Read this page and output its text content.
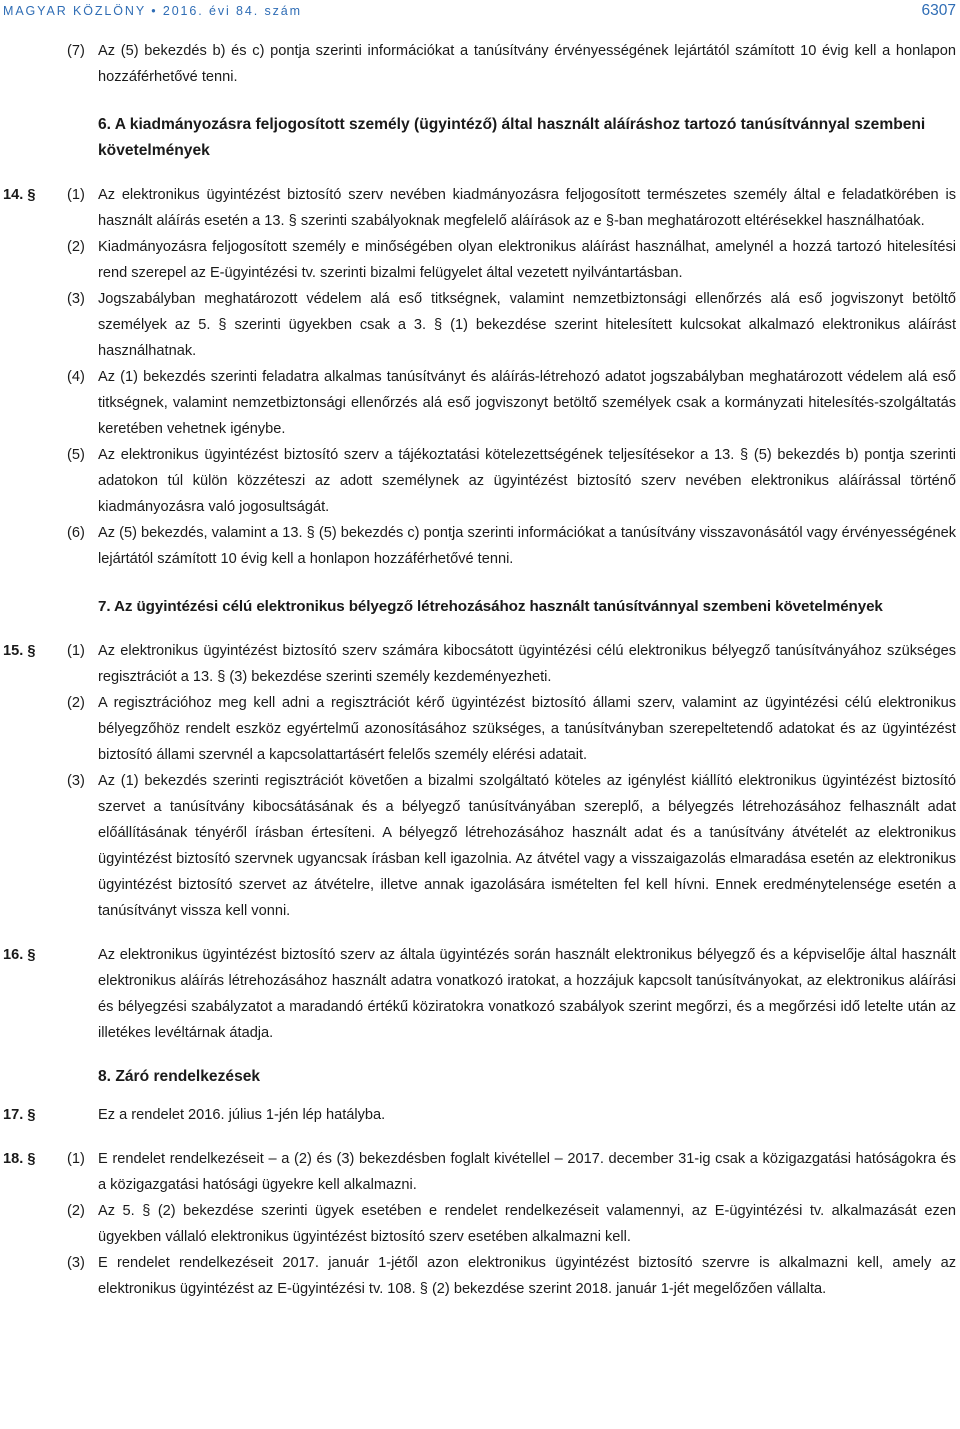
MAGYAR KÖZLÖNY • 2016. évi 84. szám	6307
(7) Az (5) bekezdés b) és c) pontja szerinti információkat a tanúsítvány érvényességének lejártától számított 10 évig kell a honlapon hozzáférhetővé tenni.
6. A kiadmányozásra feljogosított személy (ügyintéző) által használt aláíráshoz tartozó tanúsítvánnyal szembeni követelmények
14. § (1) Az elektronikus ügyintézést biztosító szerv nevében kiadmányozásra feljogosított természetes személy által e feladatkörében is használt aláírás esetén a 13. § szerinti szabályoknak megfelelő aláírások az e §-ban meghatározott eltérésekkel használhatóak.
(2) Kiadmányozásra feljogosított személy e minőségében olyan elektronikus aláírást használhat, amelynél a hozzá tartozó hitelesítési rend szerepel az E-ügyintézési tv. szerinti bizalmi felügyelet által vezetett nyilvántartásban.
(3) Jogszabályban meghatározott védelem alá eső titkségnek, valamint nemzetbiztonsági ellenőrzés alá eső jogviszonyt betöltő személyek az 5. § szerinti ügyekben csak a 3. § (1) bekezdése szerint hitelesített kulcsokat alkalmazó elektronikus aláírást használhatnak.
(4) Az (1) bekezdés szerinti feladatra alkalmas tanúsítványt és aláírás-létrehozó adatot jogszabályban meghatározott védelem alá eső titkségnek, valamint nemzetbiztonsági ellenőrzés alá eső jogviszonyt betöltő személyek csak a kormányzati hitelesítés-szolgáltatás keretében vehetnek igénybe.
(5) Az elektronikus ügyintézést biztosító szerv a tájékoztatási kötelezettségének teljesítésekor a 13. § (5) bekezdés b) pontja szerinti adatokon túl külön közzéteszi az adott személynek az ügyintézést biztosító szerv nevében elektronikus aláírással történő kiadmányozásra való jogosultságát.
(6) Az (5) bekezdés, valamint a 13. § (5) bekezdés c) pontja szerinti információkat a tanúsítvány visszavonásától vagy érvényességének lejártától számított 10 évig kell a honlapon hozzáférhetővé tenni.
7. Az ügyintézési célú elektronikus bélyegző létrehozásához használt tanúsítvánnyal szembeni követelmények
15. § (1) Az elektronikus ügyintézést biztosító szerv számára kibocsátott ügyintézési célú elektronikus bélyegző tanúsítványához szükséges regisztrációt a 13. § (3) bekezdése szerinti személy kezdeményezheti.
(2) A regisztrációhoz meg kell adni a regisztrációt kérő ügyintézést biztosító állami szerv, valamint az ügyintézési célú elektronikus bélyegzőhöz rendelt eszköz egyértelmű azonosításához szükséges, a tanúsítványban szerepeltetendő adatokat és az ügyintézést biztosító állami szervnél a kapcsolattartásért felelős személy elérési adatait.
(3) Az (1) bekezdés szerinti regisztrációt követően a bizalmi szolgáltató köteles az igénylést kiállító elektronikus ügyintézést biztosító szervet a tanúsítvány kibocsátásának és a bélyegző tanúsítványában szereplő, a bélyegzés létrehozásához felhasznált adat előállításának tényéről írásban értesíteni. A bélyegző létrehozásához használt adat és a tanúsítvány átvételét az elektronikus ügyintézést biztosító szervnek ugyancsak írásban kell igazolnia. Az átvétel vagy a visszaigazolás elmaradása esetén az elektronikus ügyintézést biztosító szervet az átvételre, illetve annak igazolására ismételten fel kell hívni. Ennek eredménytelensége esetén a tanúsítványt vissza kell vonni.
16. §	Az elektronikus ügyintézést biztosító szerv az általa ügyintézés során használt elektronikus bélyegző és a képviselője által használt elektronikus aláírás létrehozásához használt adatra vonatkozó iratokat, a hozzájuk kapcsolt tanúsítványokat, az elektronikus aláírási és bélyegzési szabályzatot a maradandó értékű köziratokra vonatkozó szabályok szerint megőrzi, és a megőrzési idő letelte után az illetékes levéltárnak átadja.
8. Záró rendelkezések
17. §	Ez a rendelet 2016. július 1-jén lép hatályba.
18. § (1) E rendelet rendelkezéseit – a (2) és (3) bekezdésben foglalt kivétellel – 2017. december 31-ig csak a közigazgatási hatóságokra és a közigazgatási hatósági ügyekre kell alkalmazni.
(2) Az 5. § (2) bekezdése szerinti ügyek esetében e rendelet rendelkezéseit valamennyi, az E-ügyintézési tv. alkalmazását ezen ügyekben vállaló elektronikus ügyintézést biztosító szerv esetében alkalmazni kell.
(3) E rendelet rendelkezéseit 2017. január 1-jétől azon elektronikus ügyintézést biztosító szervre is alkalmazni kell, amely az elektronikus ügyintézést az E-ügyintézési tv. 108. § (2) bekezdése szerint 2018. január 1-jét megelőzően vállalta.
